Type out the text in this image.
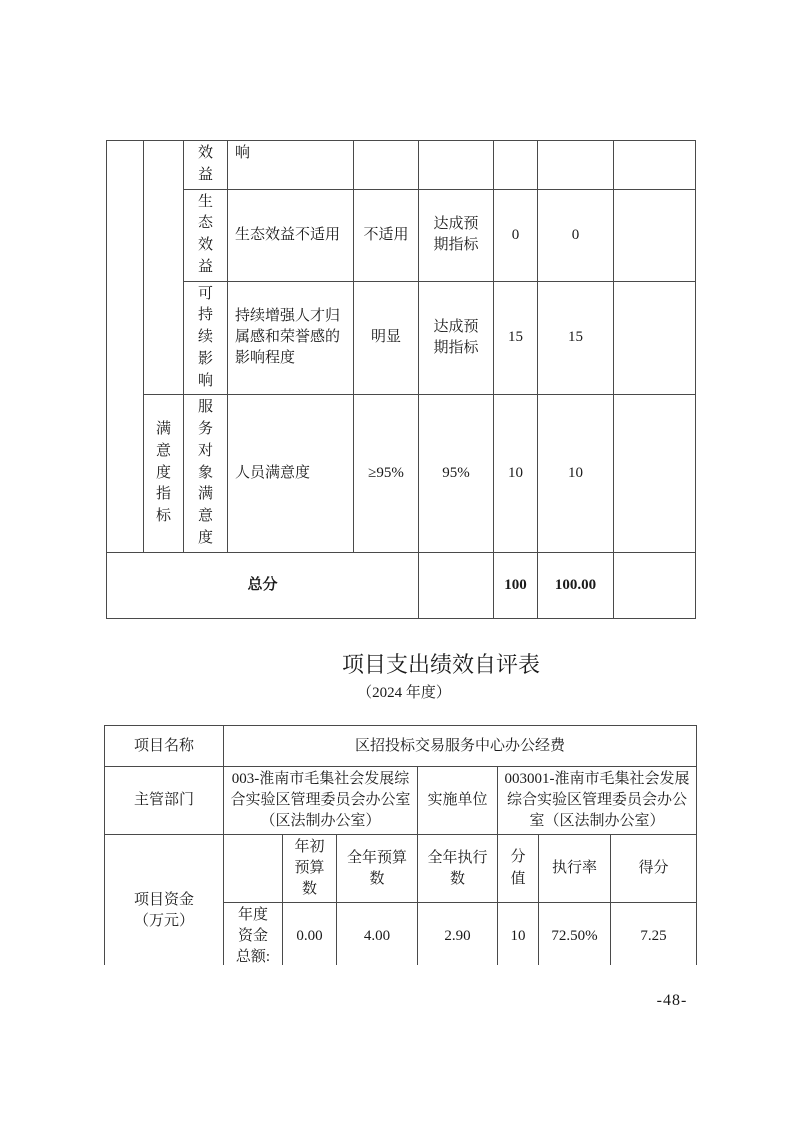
		效益	响					

		生态效益	生态效益不适用	不适用	达成预期指标	0	0	

		可持续影响	持续增强人才归属感和荣誉感的影响程度	明显	达成预期指标	15	15	

	满意度指标	服务对象满意度	人员满意度	≥95%	95%	10	10	
总分						100	100.00	
项目支出绩效自评表
（2024 年度）
项目名称	区招投标交易服务中心办公经费						
主管部门	003-淮南市毛集社会发展综合实验区管理委员会办公室（区法制办公室）			实施单位	003001-淮南市毛集社会发展综合实验区管理委员会办公室（区法制办公室）		

项目资金（万元）		年初预算数	全年预算数	全年执行数	分值	执行率	得分

	年度资金总额:	0.00	4.00	2.90	10	72.50%	7.25

-48-
